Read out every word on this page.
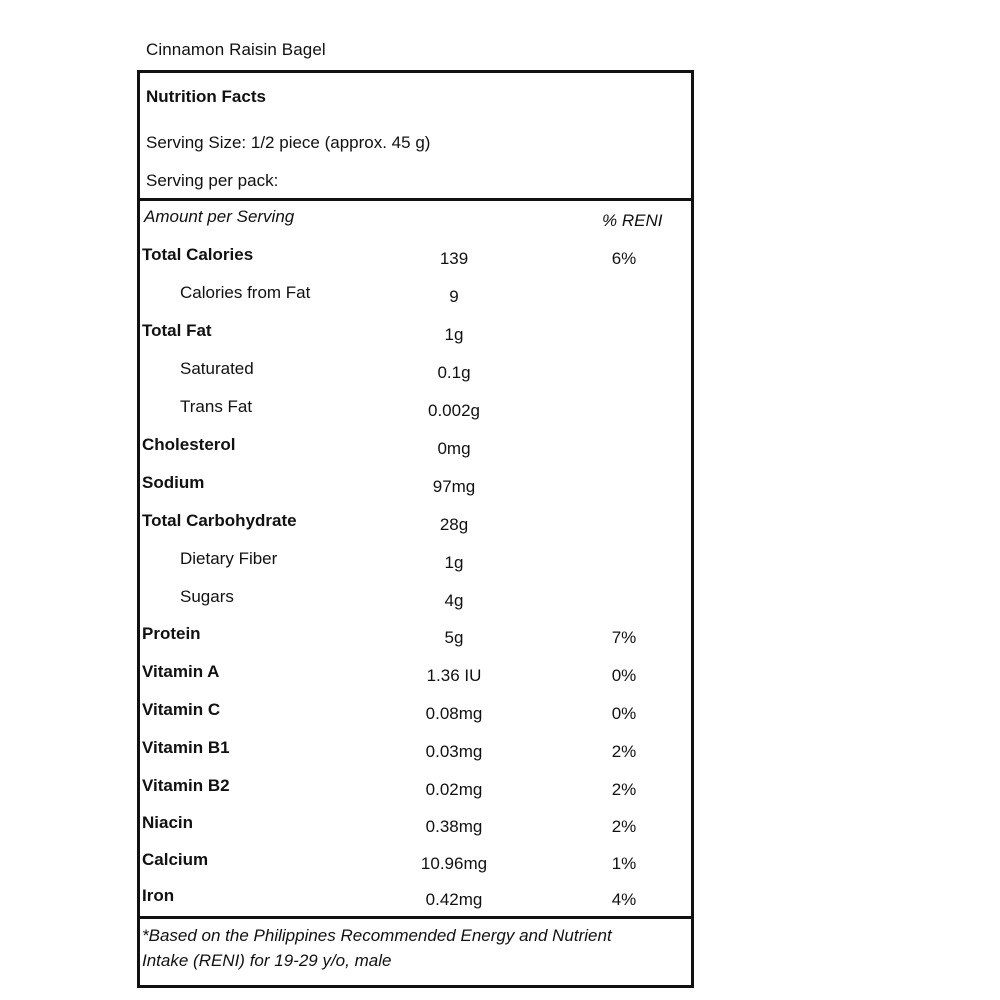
Cinnamon Raisin Bagel
Nutrition Facts
Serving Size: 1/2 piece (approx. 45 g)
Serving per pack:
Amount per Serving	% RENI
Total Calories	139	6%
Calories from Fat	9
Total Fat	1g
Saturated	0.1g
Trans Fat	0.002g
Cholesterol	0mg
Sodium	97mg
Total Carbohydrate	28g
Dietary Fiber	1g
Sugars	4g
Protein	5g	7%
Vitamin A	1.36 IU	0%
Vitamin C	0.08mg	0%
Vitamin B1	0.03mg	2%
Vitamin B2	0.02mg	2%
Niacin	0.38mg	2%
Calcium	10.96mg	1%
Iron	0.42mg	4%
*Based on the Philippines Recommended Energy and Nutrient Intake (RENI) for 19-29 y/o, male
